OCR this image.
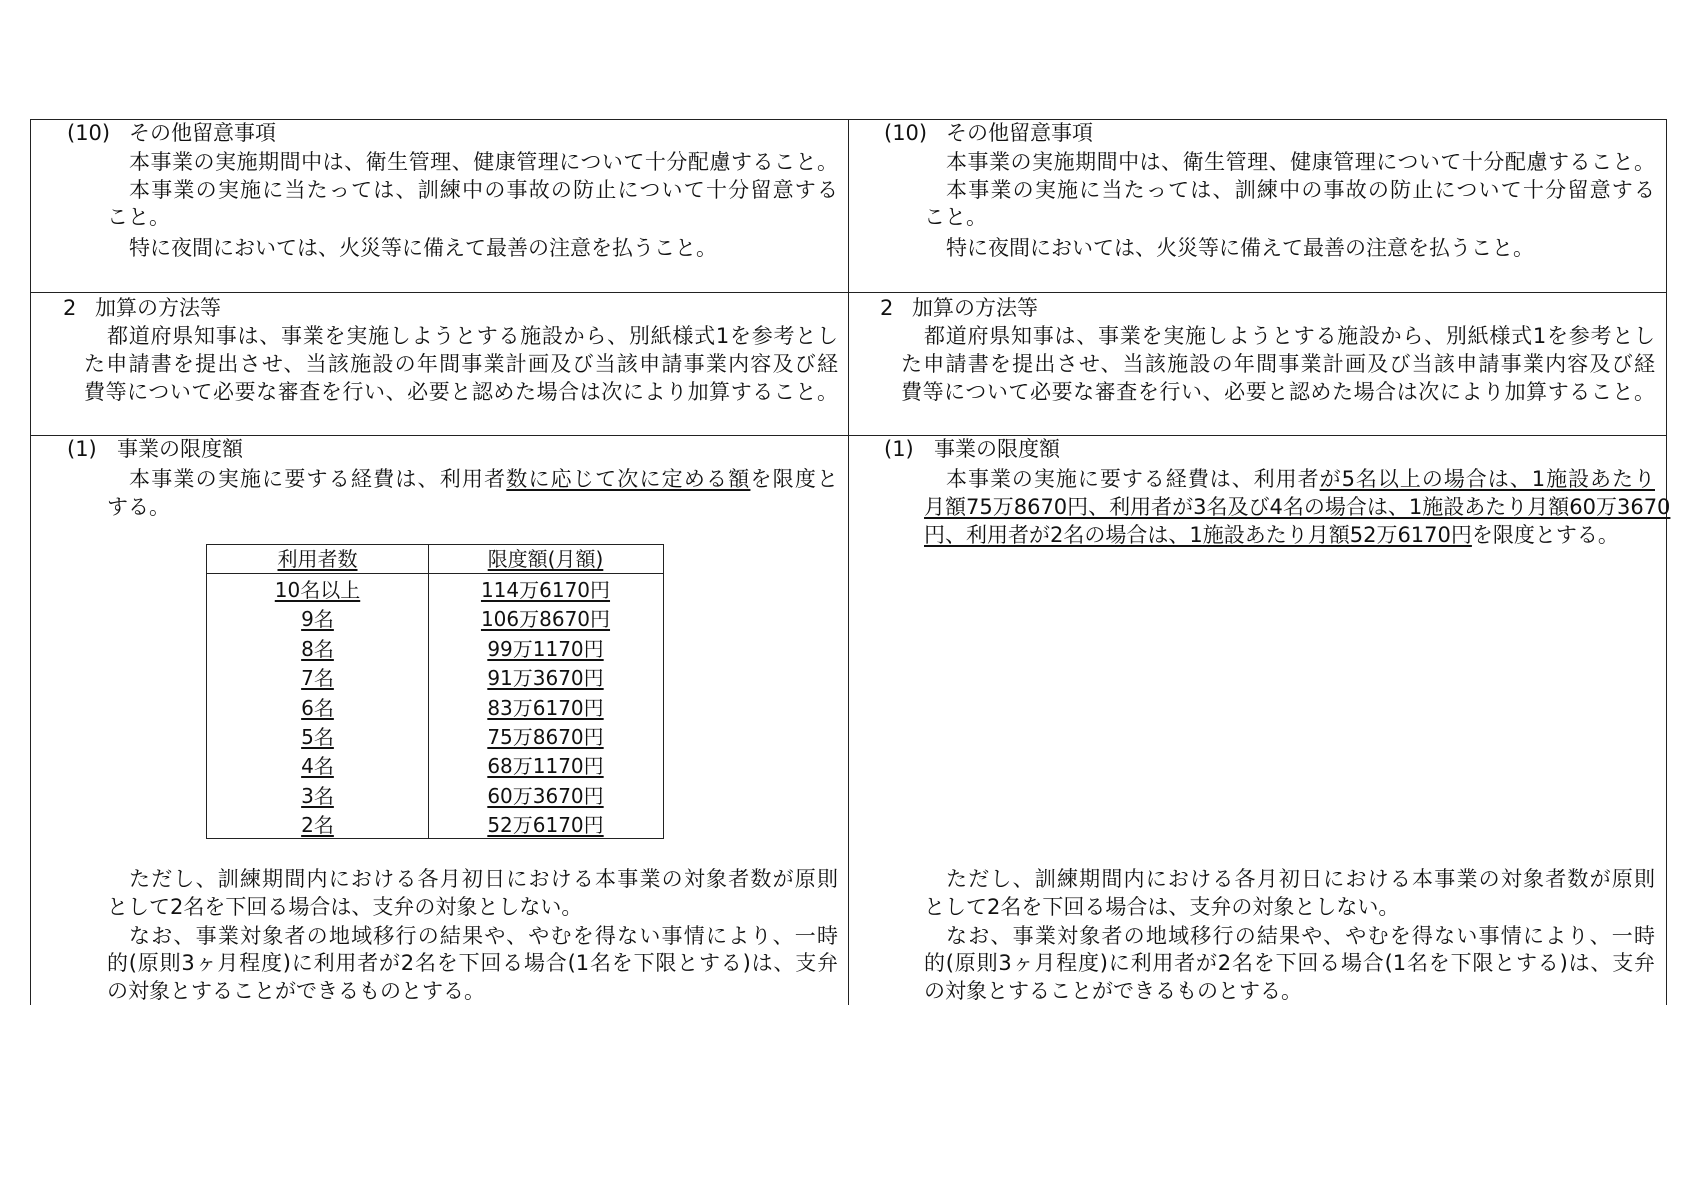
(10) その他留意事項
本事業の実施期間中は、衛生管理、健康管理について十分配慮すること。
本事業の実施に当たっては、訓練中の事故の防止について十分留意する
こと。
特に夜間においては、火災等に備えて最善の注意を払うこと。
2 加算の方法等
都道府県知事は、事業を実施しようとする施設から、別紙様式1を参考とし
た申請書を提出させ、当該施設の年間事業計画及び当該申請事業内容及び経
費等について必要な審査を行い、必要と認めた場合は次により加算すること。
(1) 事業の限度額
本事業の実施に要する経費は、利用者数に応じて次に定める額を限度と
する。
ただし、訓練期間内における各月初日における本事業の対象者数が原則
として2名を下回る場合は、支弁の対象としない。
なお、事業対象者の地域移行の結果や、やむを得ない事情により、一時
的(原則3ヶ月程度)に利用者が2名を下回る場合(1名を下限とする)は、支弁
の対象とすることができるものとする。
利用者数	限度額(月額)
10名以上	114万6170円
9名	106万8670円
8名	99万1170円
7名	91万3670円
6名	83万6170円
5名	75万8670円
4名	68万1170円
3名	60万3670円
2名	52万6170円
(10) その他留意事項
本事業の実施期間中は、衛生管理、健康管理について十分配慮すること。
本事業の実施に当たっては、訓練中の事故の防止について十分留意する
こと。
特に夜間においては、火災等に備えて最善の注意を払うこと。
2 加算の方法等
都道府県知事は、事業を実施しようとする施設から、別紙様式1を参考とし
た申請書を提出させ、当該施設の年間事業計画及び当該申請事業内容及び経
費等について必要な審査を行い、必要と認めた場合は次により加算すること。
(1) 事業の限度額
本事業の実施に要する経費は、利用者が5名以上の場合は、1施設あたり
月額75万8670円、利用者が3名及び4名の場合は、1施設あたり月額60万3670
円、利用者が2名の場合は、1施設あたり月額52万6170円を限度とする。
ただし、訓練期間内における各月初日における本事業の対象者数が原則
として2名を下回る場合は、支弁の対象としない。
なお、事業対象者の地域移行の結果や、やむを得ない事情により、一時
的(原則3ヶ月程度)に利用者が2名を下回る場合(1名を下限とする)は、支弁
の対象とすることができるものとする。
